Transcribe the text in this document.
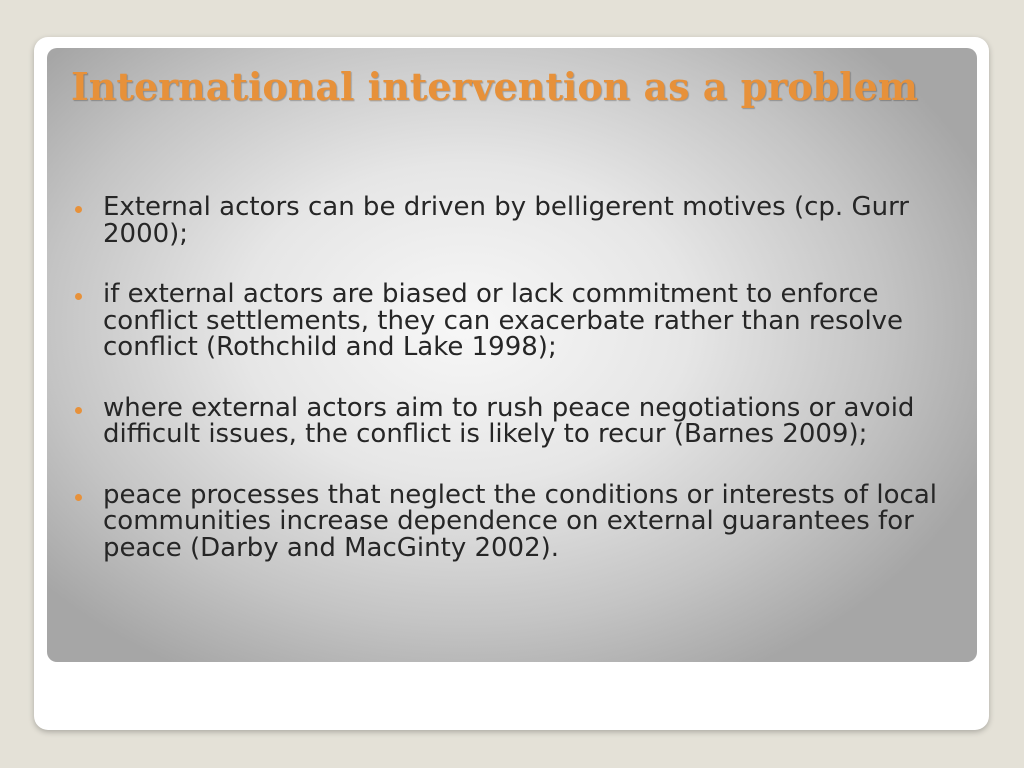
International intervention as a problem
External actors can be driven by belligerent motives (cp. Gurr 2000);
if external actors are biased or lack commitment to enforce conflict settlements, they can exacerbate rather than resolve conflict (Rothchild and Lake 1998);
where external actors aim to rush peace negotiations or avoid difficult issues, the conflict is likely to recur (Barnes 2009);
peace processes that neglect the conditions or interests of local communities increase dependence on external guarantees for peace (Darby and MacGinty 2002).
